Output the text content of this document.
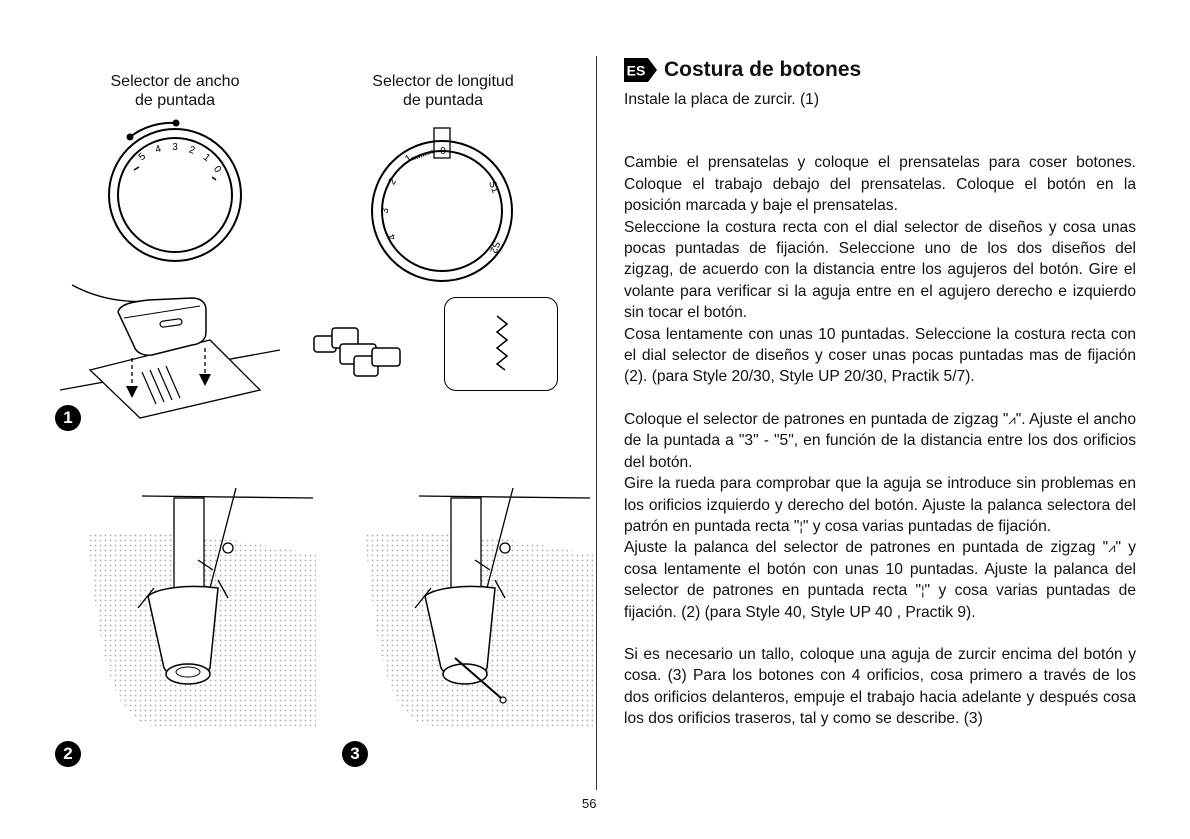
Selector de ancho
de puntada
Selector de longitud
de puntada
5
4 3 2
1
0
0
1
2
3
4
S1
S2
1
2	3
56
ES Costura de botones

Instale la placa de zurcir. (1)

Cambie el prensatelas y coloque el prensatelas para coser botones. Coloque el trabajo debajo del prensatelas. Coloque el botón en la posición marcada y baje el prensatelas.

Seleccione la costura recta con el dial selector de diseños y cosa unas pocas puntadas de fijación. Seleccione uno de los dos diseños del zigzag, de acuerdo con la distancia entre los agujeros del botón. Gire el volante para verificar si la aguja entre en el agujero derecho e izquierdo sin tocar el botón.

Cosa lentamente con unas 10 puntadas. Seleccione la costura recta con el dial selector de diseños y coser unas pocas puntadas mas de fijación (2). (para Style 20/30, Style UP 20/30, Practik 5/7).

Coloque el selector de patrones en puntada de zigzag "⩘". Ajuste el ancho de la puntada a "3" - "5", en función de la distancia entre los dos orificios del botón.

Gire la rueda para comprobar que la aguja se introduce sin problemas en los orificios izquierdo y derecho del botón. Ajuste la palanca selectora del patrón en puntada recta "¦" y cosa varias puntadas de fijación.

Ajuste la palanca del selector de patrones en puntada de zigzag "⩘" y cosa lentamente el botón con unas 10 puntadas. Ajuste la palanca del selector de patrones en puntada recta "¦" y cosa varias puntadas de fijación. (2) (para Style 40, Style UP 40 , Practik 9).

Si es necesario un tallo, coloque una aguja de zurcir encima del botón y cosa. (3) Para los botones con 4 orificios, cosa primero a través de los dos orificios delanteros, empuje el trabajo hacia adelante y después cosa los dos orificios traseros, tal y como se describe. (3)
